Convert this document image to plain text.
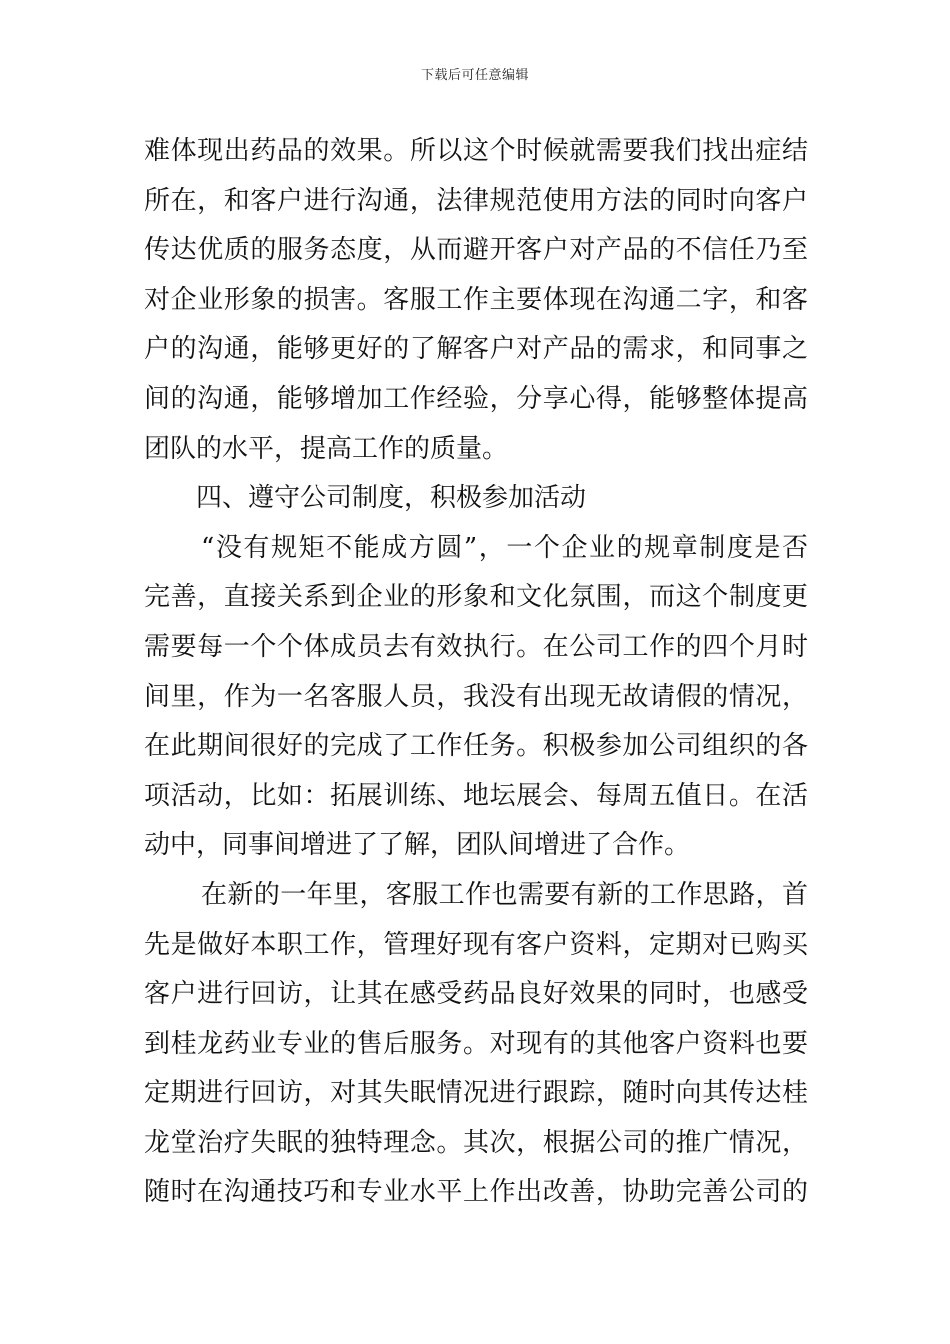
下载后可任意编辑
难体现出药品的效果。所以这个时候就需要我们找出症结
所在，和客户进行沟通，法律规范使用方法的同时向客户
传达优质的服务态度，从而避开客户对产品的不信任乃至
对企业形象的损害。客服工作主要体现在沟通二字，和客
户的沟通，能够更好的了解客户对产品的需求，和同事之
间的沟通，能够增加工作经验，分享心得，能够整体提高
团队的水平，提高工作的质量。
四、遵守公司制度，积极参加活动
“没有规矩不能成方圆”，一个企业的规章制度是否
完善，直接关系到企业的形象和文化氛围，而这个制度更
需要每一个个体成员去有效执行。在公司工作的四个月时
间里，作为一名客服人员，我没有出现无故请假的情况，
在此期间很好的完成了工作任务。积极参加公司组织的各
项活动，比如：拓展训练、地坛展会、每周五值日。在活
动中，同事间增进了了解，团队间增进了合作。
在新的一年里，客服工作也需要有新的工作思路，首
先是做好本职工作，管理好现有客户资料，定期对已购买
客户进行回访，让其在感受药品良好效果的同时，也感受
到桂龙药业专业的售后服务。对现有的其他客户资料也要
定期进行回访，对其失眠情况进行跟踪，随时向其传达桂
龙堂治疗失眠的独特理念。其次，根据公司的推广情况，
随时在沟通技巧和专业水平上作出改善，协助完善公司的
